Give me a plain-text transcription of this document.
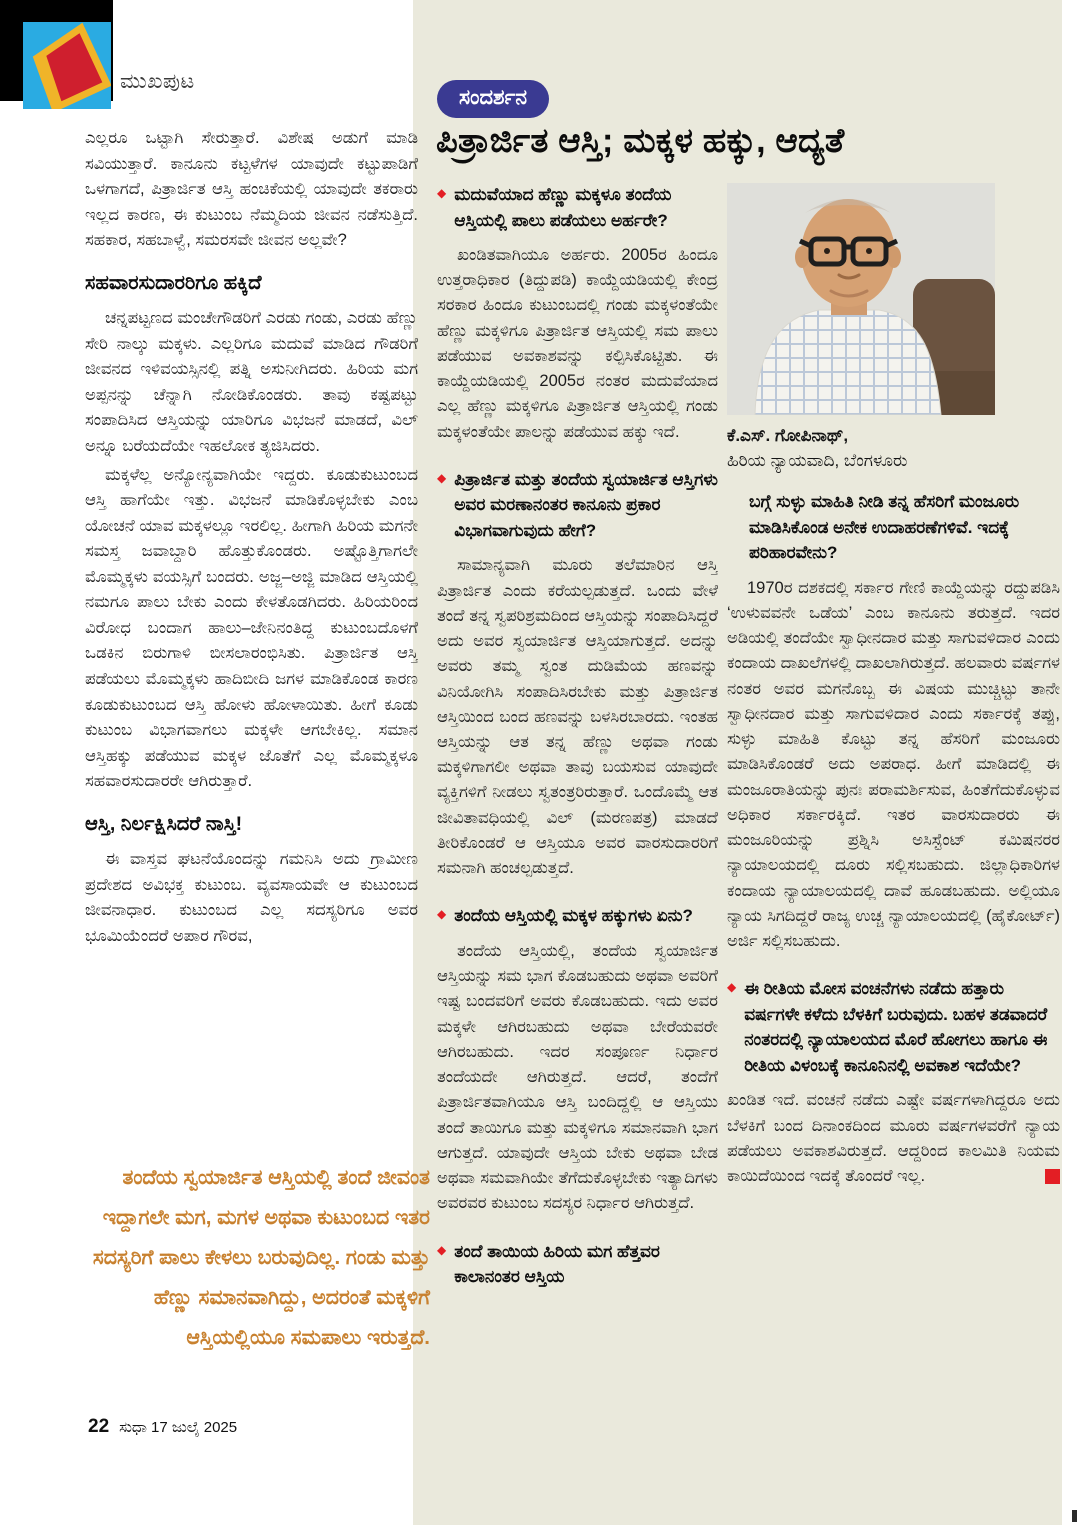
ಮುಖಪುಟ

ಎಲ್ಲರೂ ಒಟ್ಟಾಗಿ ಸೇರುತ್ತಾರೆ. ವಿಶೇಷ ಅಡುಗೆ ಮಾಡಿ ಸವಿಯುತ್ತಾರೆ. ಕಾನೂನು ಕಟ್ಟಳೆಗಳ ಯಾವುದೇ ಕಟ್ಟುಪಾಡಿಗೆ ಒಳಗಾಗದೆ, ಪಿತ್ರಾರ್ಜಿತ ಆಸ್ತಿ ಹಂಚಿಕೆಯಲ್ಲಿ ಯಾವುದೇ ತಕರಾರು ಇಲ್ಲದ ಕಾರಣ, ಈ ಕುಟುಂಬ ನೆಮ್ಮದಿಯ ಜೀವನ ನಡೆಸುತ್ತಿದೆ. ಸಹಕಾರ, ಸಹಬಾಳ್ವೆ, ಸಮರಸವೇ ಜೀವನ ಅಲ್ಲವೇ?

ಸಹವಾರಸುದಾರರಿಗೂ ಹಕ್ಕಿದೆ

ಚನ್ನಪಟ್ಟಣದ ಮಂಚೇಗೌಡರಿಗೆ ಎರಡು ಗಂಡು, ಎರಡು ಹೆಣ್ಣು ಸೇರಿ ನಾಲ್ಕು ಮಕ್ಕಳು. ಎಲ್ಲರಿಗೂ ಮದುವೆ ಮಾಡಿದ ಗೌಡರಿಗೆ ಜೀವನದ ಇಳಿವಯಸ್ಸಿನಲ್ಲಿ ಪತ್ನಿ ಅಸುನೀಗಿದರು. ಹಿರಿಯ ಮಗ ಅಪ್ಪನನ್ನು ಚೆನ್ನಾಗಿ ನೋಡಿಕೊಂಡರು. ತಾವು ಕಷ್ಟಪಟ್ಟು ಸಂಪಾದಿಸಿದ ಆಸ್ತಿಯನ್ನು ಯಾರಿಗೂ ವಿಭಜನೆ ಮಾಡದೆ, ವಿಲ್ ಅನ್ನೂ ಬರೆಯದೆಯೇ ಇಹಲೋಕ ತ್ಯಜಿಸಿದರು.

ಮಕ್ಕಳೆಲ್ಲ ಅನ್ಯೋನ್ಯವಾಗಿಯೇ ಇದ್ದರು. ಕೂಡುಕುಟುಂಬದ ಆಸ್ತಿ ಹಾಗೆಯೇ ಇತ್ತು. ವಿಭಜನೆ ಮಾಡಿಕೊಳ್ಳಬೇಕು ಎಂಬ ಯೋಚನೆ ಯಾವ ಮಕ್ಕಳಲ್ಲೂ ಇರಲಿಲ್ಲ. ಹೀಗಾಗಿ ಹಿರಿಯ ಮಗನೇ ಸಮಸ್ತ ಜವಾಬ್ದಾರಿ ಹೊತ್ತುಕೊಂಡರು. ಅಷ್ಟೊತ್ತಿಗಾಗಲೇ ಮೊಮ್ಮಕ್ಕಳು ವಯಸ್ಸಿಗೆ ಬಂದರು. ಅಜ್ಜ–ಅಜ್ಜಿ ಮಾಡಿದ ಆಸ್ತಿಯಲ್ಲಿ ನಮಗೂ ಪಾಲು ಬೇಕು ಎಂದು ಕೇಳತೊಡಗಿದರು. ಹಿರಿಯರಿಂದ ವಿರೋಧ ಬಂದಾಗ ಹಾಲು–ಜೇನಿನಂತಿದ್ದ ಕುಟುಂಬದೊಳಗೆ ಒಡಕಿನ ಬಿರುಗಾಳಿ ಬೀಸಲಾರಂಭಿಸಿತು. ಪಿತ್ರಾರ್ಜಿತ ಆಸ್ತಿ ಪಡೆಯಲು ಮೊಮ್ಮಕ್ಕಳು ಹಾದಿಬೀದಿ ಜಗಳ ಮಾಡಿಕೊಂಡ ಕಾರಣ ಕೂಡುಕುಟುಂಬದ ಆಸ್ತಿ ಹೋಳು ಹೋಳಾಯಿತು. ಹೀಗೆ ಕೂಡು ಕುಟುಂಬ ವಿಭಾಗವಾಗಲು ಮಕ್ಕಳೇ ಆಗಬೇಕಿಲ್ಲ. ಸಮಾನ ಆಸ್ತಿಹಕ್ಕು ಪಡೆಯುವ ಮಕ್ಕಳ ಜೊತೆಗೆ ಎಲ್ಲ ಮೊಮ್ಮಕ್ಕಳೂ ಸಹವಾರಸುದಾರರೇ ಆಗಿರುತ್ತಾರೆ.

ಆಸ್ತಿ, ನಿರ್ಲಕ್ಷಿಸಿದರೆ ನಾಸ್ತಿ!

ಈ ವಾಸ್ತವ ಘಟನೆಯೊಂದನ್ನು ಗಮನಿಸಿ ಅದು ಗ್ರಾಮೀಣ ಪ್ರದೇಶದ ಅವಿಭಕ್ತ ಕುಟುಂಬ. ವ್ಯವಸಾಯವೇ ಆ ಕುಟುಂಬದ ಜೀವನಾಧಾರ. ಕುಟುಂಬದ ಎಲ್ಲ ಸದಸ್ಯರಿಗೂ ಅವರ ಭೂಮಿಯೆಂದರೆ ಅಪಾರ ಗೌರವ,

ತಂದೆಯ ಸ್ವಯಾರ್ಜಿತ ಆಸ್ತಿಯಲ್ಲಿ ತಂದೆ ಜೀವಂತ ಇದ್ದಾಗಲೇ ಮಗ, ಮಗಳ ಅಥವಾ ಕುಟುಂಬದ ಇತರ ಸದಸ್ಯರಿಗೆ ಪಾಲು ಕೇಳಲು ಬರುವುದಿಲ್ಲ. ಗಂಡು ಮತ್ತು ಹೆಣ್ಣು ಸಮಾನವಾಗಿದ್ದು, ಅದರಂತೆ ಮಕ್ಕಳಿಗೆ ಆಸ್ತಿಯಲ್ಲಿಯೂ ಸಮಪಾಲು ಇರುತ್ತದೆ.
22 ಸುಧಾ 17 ಜುಲೈ 2025
ಸಂದರ್ಶನ
ಪಿತ್ರಾರ್ಜಿತ ಆಸ್ತಿ; ಮಕ್ಕಳ ಹಕ್ಕು, ಆದ್ಯತೆ
◆ ಮದುವೆಯಾದ ಹೆಣ್ಣು ಮಕ್ಕಳೂ ತಂದೆಯ ಆಸ್ತಿಯಲ್ಲಿ ಪಾಲು ಪಡೆಯಲು ಅರ್ಹರೇ?

ಖಂಡಿತವಾಗಿಯೂ ಅರ್ಹರು. 2005ರ ಹಿಂದೂ ಉತ್ತರಾಧಿಕಾರ (ತಿದ್ದುಪಡಿ) ಕಾಯ್ದೆಯಡಿಯಲ್ಲಿ ಕೇಂದ್ರ ಸರಕಾರ ಹಿಂದೂ ಕುಟುಂಬದಲ್ಲಿ ಗಂಡು ಮಕ್ಕಳಂತೆಯೇ ಹೆಣ್ಣು ಮಕ್ಕಳಿಗೂ ಪಿತ್ರಾರ್ಜಿತ ಆಸ್ತಿಯಲ್ಲಿ ಸಮ ಪಾಲು ಪಡೆಯುವ ಅವಕಾಶವನ್ನು ಕಲ್ಪಿಸಿಕೊಟ್ಟಿತು. ಈ ಕಾಯ್ದೆಯಡಿಯಲ್ಲಿ 2005ರ ನಂತರ ಮದುವೆಯಾದ ಎಲ್ಲ ಹೆಣ್ಣು ಮಕ್ಕಳಿಗೂ ಪಿತ್ರಾರ್ಜಿತ ಆಸ್ತಿಯಲ್ಲಿ ಗಂಡು ಮಕ್ಕಳಂತೆಯೇ ಪಾಲನ್ನು ಪಡೆಯುವ ಹಕ್ಕು ಇದೆ.

◆ ಪಿತ್ರಾರ್ಜಿತ ಮತ್ತು ತಂದೆಯ ಸ್ವಯಾರ್ಜಿತ ಆಸ್ತಿಗಳು ಅವರ ಮರಣಾನಂತರ ಕಾನೂನು ಪ್ರಕಾರ ವಿಭಾಗವಾಗುವುದು ಹೇಗೆ?

ಸಾಮಾನ್ಯವಾಗಿ ಮೂರು ತಲೆಮಾರಿನ ಆಸ್ತಿ ಪಿತ್ರಾರ್ಜಿತ ಎಂದು ಕರೆಯಲ್ಪಡುತ್ತದೆ. ಒಂದು ವೇಳೆ ತಂದೆ ತನ್ನ ಸ್ವಪರಿಶ್ರಮದಿಂದ ಆಸ್ತಿಯನ್ನು ಸಂಪಾದಿಸಿದ್ದರೆ ಅದು ಅವರ ಸ್ವಯಾರ್ಜಿತ ಆಸ್ತಿಯಾಗುತ್ತದೆ. ಅದನ್ನು ಅವರು ತಮ್ಮ ಸ್ವಂತ ದುಡಿಮೆಯ ಹಣವನ್ನು ವಿನಿಯೋಗಿಸಿ ಸಂಪಾದಿಸಿರಬೇಕು ಮತ್ತು ಪಿತ್ರಾರ್ಜಿತ ಆಸ್ತಿಯಿಂದ ಬಂದ ಹಣವನ್ನು ಬಳಸಿರಬಾರದು. ಇಂತಹ ಆಸ್ತಿಯನ್ನು ಆತ ತನ್ನ ಹೆಣ್ಣು ಅಥವಾ ಗಂಡು ಮಕ್ಕಳಿಗಾಗಲೀ ಅಥವಾ ತಾವು ಬಯಸುವ ಯಾವುದೇ ವ್ಯಕ್ತಿಗಳಿಗೆ ನೀಡಲು ಸ್ವತಂತ್ರರಿರುತ್ತಾರೆ. ಒಂದೊಮ್ಮೆ ಆತ ಜೀವಿತಾವಧಿಯಲ್ಲಿ ವಿಲ್ (ಮರಣಪತ್ರ) ಮಾಡದೆ ತೀರಿಕೊಂಡರೆ ಆ ಆಸ್ತಿಯೂ ಅವರ ವಾರಸುದಾರರಿಗೆ ಸಮನಾಗಿ ಹಂಚಲ್ಪಡುತ್ತದೆ.

◆ ತಂದೆಯ ಆಸ್ತಿಯಲ್ಲಿ ಮಕ್ಕಳ ಹಕ್ಕುಗಳು ಏನು?

ತಂದೆಯ ಆಸ್ತಿಯಲ್ಲಿ, ತಂದೆಯ ಸ್ವಯಾರ್ಜಿತ ಆಸ್ತಿಯನ್ನು ಸಮ ಭಾಗ ಕೊಡಬಹುದು ಅಥವಾ ಅವರಿಗೆ ಇಷ್ಟ ಬಂದವರಿಗೆ ಅವರು ಕೊಡಬಹುದು. ಇದು ಅವರ ಮಕ್ಕಳೇ ಆಗಿರಬಹುದು ಅಥವಾ ಬೇರೆಯವರೇ ಆಗಿರಬಹುದು. ಇದರ ಸಂಪೂರ್ಣ ನಿರ್ಧಾರ ತಂದೆಯದೇ ಆಗಿರುತ್ತದೆ. ಆದರೆ, ತಂದೆಗೆ ಪಿತ್ರಾರ್ಜಿತವಾಗಿಯೂ ಆಸ್ತಿ ಬಂದಿದ್ದಲ್ಲಿ ಆ ಆಸ್ತಿಯು ತಂದೆ ತಾಯಿಗೂ ಮತ್ತು ಮಕ್ಕಳಿಗೂ ಸಮಾನವಾಗಿ ಭಾಗ ಆಗುತ್ತದೆ. ಯಾವುದೇ ಆಸ್ತಿಯ ಬೇಕು ಅಥವಾ ಬೇಡ ಅಥವಾ ಸಮವಾಗಿಯೇ ತೆಗೆದುಕೊಳ್ಳಬೇಕು ಇತ್ಯಾದಿಗಳು ಅವರವರ ಕುಟುಂಬ ಸದಸ್ಯರ ನಿರ್ಧಾರ ಆಗಿರುತ್ತದೆ.

◆ ತಂದೆ ತಾಯಿಯ ಹಿರಿಯ ಮಗ ಹೆತ್ತವರ ಕಾಲಾನಂತರ ಆಸ್ತಿಯ
ಕೆ.ಎಸ್. ಗೋಪಿನಾಥ್,
ಹಿರಿಯ ನ್ಯಾಯವಾದಿ, ಬೆಂಗಳೂರು
ಬಗ್ಗೆ ಸುಳ್ಳು ಮಾಹಿತಿ ನೀಡಿ ತನ್ನ ಹೆಸರಿಗೆ ಮಂಜೂರು ಮಾಡಿಸಿಕೊಂಡ ಅನೇಕ ಉದಾಹರಣೆಗಳಿವೆ. ಇದಕ್ಕೆ ಪರಿಹಾರವೇನು?

1970ರ ದಶಕದಲ್ಲಿ ಸರ್ಕಾರ ಗೇಣಿ ಕಾಯ್ದೆಯನ್ನು ರದ್ದುಪಡಿಸಿ ‘ಉಳುವವನೇ ಒಡೆಯ’ ಎಂಬ ಕಾನೂನು ತರುತ್ತದೆ. ಇದರ ಅಡಿಯಲ್ಲಿ ತಂದೆಯೇ ಸ್ವಾಧೀನದಾರ ಮತ್ತು ಸಾಗುವಳಿದಾರ ಎಂದು ಕಂದಾಯ ದಾಖಲೆಗಳಲ್ಲಿ ದಾಖಲಾಗಿರುತ್ತದೆ. ಹಲವಾರು ವರ್ಷಗಳ ನಂತರ ಅವರ ಮಗನೊಬ್ಬ ಈ ವಿಷಯ ಮುಚ್ಚಿಟ್ಟು ತಾನೇ ಸ್ವಾಧೀನದಾರ ಮತ್ತು ಸಾಗುವಳಿದಾರ ಎಂದು ಸರ್ಕಾರಕ್ಕೆ ತಪ್ಪು, ಸುಳ್ಳು ಮಾಹಿತಿ ಕೊಟ್ಟು ತನ್ನ ಹೆಸರಿಗೆ ಮಂಜೂರು ಮಾಡಿಸಿಕೊಂಡರೆ ಅದು ಅಪರಾಧ. ಹೀಗೆ ಮಾಡಿದಲ್ಲಿ ಈ ಮಂಜೂರಾತಿಯನ್ನು ಪುನಃ ಪರಾಮರ್ಶಿಸುವ, ಹಿಂತೆಗೆದುಕೊಳ್ಳುವ ಅಧಿಕಾರ ಸರ್ಕಾರಕ್ಕಿದೆ. ಇತರ ವಾರಸುದಾರರು ಈ ಮಂಜೂರಿಯನ್ನು ಪ್ರಶ್ನಿಸಿ ಅಸಿಸ್ಟೆಂಟ್ ಕಮಿಷನರರ ನ್ಯಾಯಾಲಯದಲ್ಲಿ ದೂರು ಸಲ್ಲಿಸಬಹುದು. ಜಿಲ್ಲಾಧಿಕಾರಿಗಳ ಕಂದಾಯ ನ್ಯಾಯಾಲಯದಲ್ಲಿ ದಾವೆ ಹೂಡಬಹುದು. ಅಲ್ಲಿಯೂ ನ್ಯಾಯ ಸಿಗದಿದ್ದರೆ ರಾಜ್ಯ ಉಚ್ಚ ನ್ಯಾಯಾಲಯದಲ್ಲಿ (ಹೈಕೋರ್ಟ್) ಅರ್ಜಿ ಸಲ್ಲಿಸಬಹುದು.

◆ ಈ ರೀತಿಯ ಮೋಸ ವಂಚನೆಗಳು ನಡೆದು ಹತ್ತಾರು ವರ್ಷಗಳೇ ಕಳೆದು ಬೆಳಕಿಗೆ ಬರುವುದು. ಬಹಳ ತಡವಾದರೆ ನಂತರದಲ್ಲಿ ನ್ಯಾಯಾಲಯದ ಮೊರೆ ಹೋಗಲು ಹಾಗೂ ಈ ರೀತಿಯ ವಿಳಂಬಕ್ಕೆ ಕಾನೂನಿನಲ್ಲಿ ಅವಕಾಶ ಇದೆಯೇ?

ಖಂಡಿತ ಇದೆ. ವಂಚನೆ ನಡೆದು ಎಷ್ಟೇ ವರ್ಷಗಳಾಗಿದ್ದರೂ ಅದು ಬೆಳಕಿಗೆ ಬಂದ ದಿನಾಂಕದಿಂದ ಮೂರು ವರ್ಷಗಳವರೆಗೆ ನ್ಯಾಯ ಪಡೆಯಲು ಅವಕಾಶವಿರುತ್ತದೆ. ಆದ್ದರಿಂದ ಕಾಲಮಿತಿ ನಿಯಮ ಕಾಯಿದೆಯಿಂದ ಇದಕ್ಕೆ ತೊಂದರೆ ಇಲ್ಲ.
